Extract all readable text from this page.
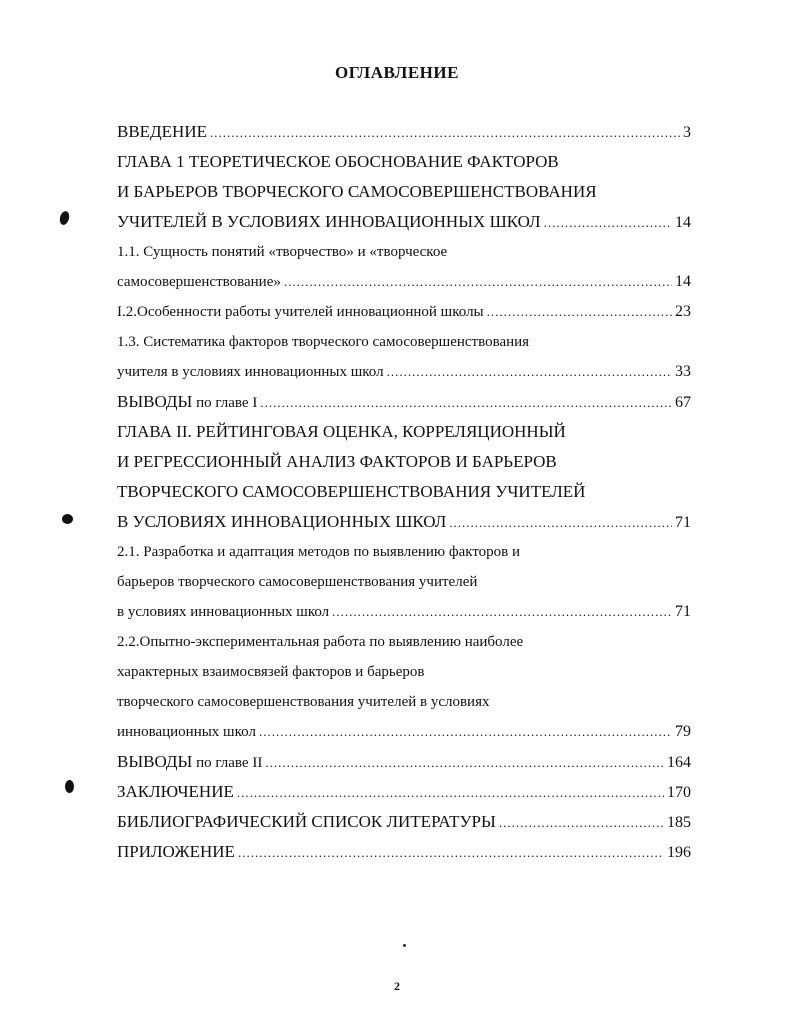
ОГЛАВЛЕНИЕ
ВВЕДЕНИЕ .....	3
ГЛАВА 1 ТЕОРЕТИЧЕСКОЕ ОБОСНОВАНИЕ ФАКТОРОВ
И БАРЬЕРОВ ТВОРЧЕСКОГО САМОСОВЕРШЕНСТВОВАНИЯ
УЧИТЕЛЕЙ В УСЛОВИЯХ ИННОВАЦИОННЫХ ШКОЛ .....	14
1.1. Сущность понятий «творчество» и «творческое
самосовершенствование» .....	14
I.2.Особенности работы учителей инновационной школы .....	23
1.3. Систематика факторов творческого самосовершенствования
учителя в условиях инновационных школ .....	33
ВЫВОДЫ по главе I .....	67
ГЛАВА II. РЕЙТИНГОВАЯ ОЦЕНКА, КОРРЕЛЯЦИОННЫЙ
И РЕГРЕССИОННЫЙ АНАЛИЗ ФАКТОРОВ И БАРЬЕРОВ
ТВОРЧЕСКОГО САМОСОВЕРШЕНСТВОВАНИЯ УЧИТЕЛЕЙ
В УСЛОВИЯХ ИННОВАЦИОННЫХ ШКОЛ .....	71
2.1. Разработка и адаптация методов по выявлению факторов и
барьеров творческого самосовершенствования учителей
в условиях инновационных школ .....	71
2.2.Опытно-экспериментальная работа по выявлению наиболее
характерных взаимосвязей факторов и барьеров
творческого самосовершенствования учителей в условиях
инновационных школ .....	79
ВЫВОДЫ по главе II .....	164
ЗАКЛЮЧЕНИЕ .....	170
БИБЛИОГРАФИЧЕСКИЙ СПИСОК ЛИТЕРАТУРЫ .....	185
ПРИЛОЖЕНИЕ .....	196
2
